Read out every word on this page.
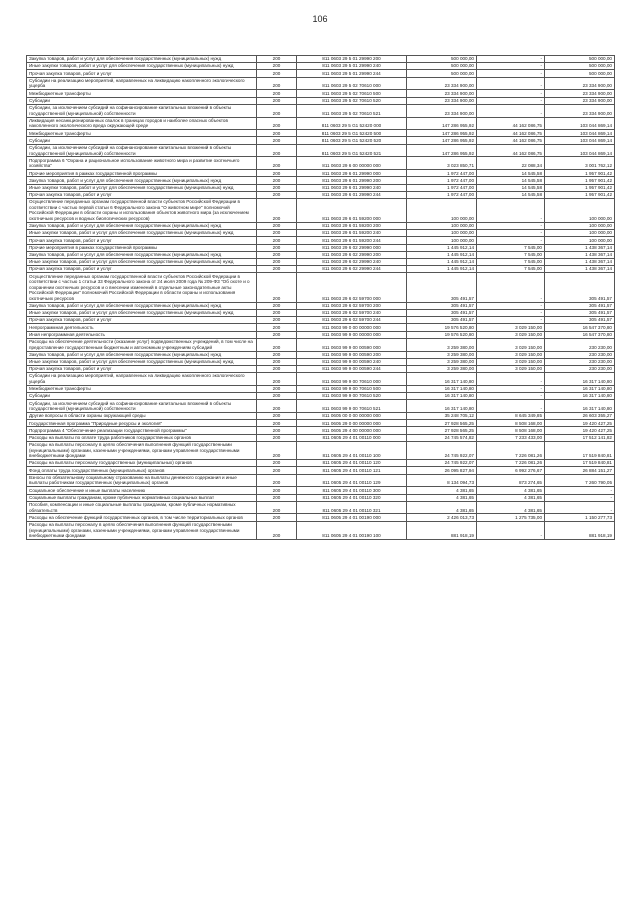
106
Закупка товаров, работ и услуг для обеспечения государственных (муниципальных) нужд	200	811 0603 29 5 01 29990 200	500 000,00	-	500 000,00
Иные закупки товаров, работ и услуг для обеспечения государственных (муниципальных) нужд	200	811 0603 29 5 01 29990 240	500 000,00	-	500 000,00
Прочая закупка товаров, работ и услуг	200	811 0603 29 5 01 29990 244	500 000,00	-	500 000,00
Субсидии на реализацию мероприятий, направленных на ликвидацию накопленного экологического ущерба	200	811 0603 29 5 02 70610 000	23 334 900,00	-	23 334 900,00
Межбюджетные трансферты	200	811 0603 29 5 02 70610 500	23 334 900,00	-	23 334 900,00
Субсидии	200	811 0603 29 5 02 70610 520	23 334 900,00	-	23 334 900,00
Субсидии, за исключением субсидий на софинансирование капитальных вложений в объекты государственной (муниципальной) собственности	200	811 0603 29 5 02 70610 521	23 334 900,00	-	23 334 900,00
Ликвидация несанкционированных свалок в границах городов и наиболее опасных объектов накопленного экологического вреда окружающей среде	200	811 0603 29 5 G1 52420 000	147 286 955,92	44 162 086,75	103 044 869,14
Межбюджетные трансферты	200	811 0603 29 5 G1 52420 500	147 286 955,92	44 162 086,75	103 044 869,14
Субсидии	200	811 0603 29 5 G1 52420 520	147 286 955,92	44 162 086,75	103 044 869,14
Субсидии, за исключением субсидий на софинансирование капитальных вложений в объекты государственной (муниципальной) собственности	200	811 0603 29 5 G1 52420 521	147 286 955,92	44 162 086,75	103 044 869,14
Подпрограмма 6 "Охрана и рациональное использование животного мира и развитие охотничьего хозяйства"	200	811 0603 29 6 00 00000 000	3 023 850,71	22 088,34	3 001 762,12
Прочие мероприятия в рамках государственной программы	200	811 0603 29 6 01 29990 000	1 972 447,00	14 545,58	1 957 901,42
Закупка товаров, работ и услуг для обеспечения государственных (муниципальных) нужд	200	811 0603 29 6 01 29990 200	1 972 447,00	14 545,58	1 957 901,42
Иные закупки товаров, работ и услуг для обеспечения государственных (муниципальных) нужд	200	811 0603 29 6 01 29990 240	1 972 447,00	14 545,58	1 957 901,42
Прочая закупка товаров, работ и услуг	200	811 0603 29 6 01 29990 244	1 972 447,00	14 545,58	1 957 901,42
Осуществление переданных органам государственной власти субъектов Российской Федерации в соответствии с частью первой статьи 6 Федерального закона "О животном мире" полномочий Российской Федерации в области охраны и использования объектов животного мира (за исключением охотничьих ресурсов и водных биологических ресурсов)	200	811 0603 29 6 01 59200 000	100 000,00	-	100 000,00
Закупка товаров, работ и услуг для обеспечения государственных (муниципальных) нужд	200	811 0603 29 6 01 59200 200	100 000,00	-	100 000,00
Иные закупки товаров, работ и услуг для обеспечения государственных (муниципальных) нужд	200	811 0603 29 6 01 59200 240	100 000,00	-	100 000,00
Прочая закупка товаров, работ и услуг	200	811 0603 29 6 01 59200 244	100 000,00	-	100 000,00
Прочие мероприятия в рамках государственной программы	200	811 0603 29 6 02 29990 000	1 445 912,14	7 545,00	1 438 367,14
Закупка товаров, работ и услуг для обеспечения государственных (муниципальных) нужд	200	811 0603 29 6 02 29990 200	1 445 912,14	7 545,00	1 438 367,14
Иные закупки товаров, работ и услуг для обеспечения государственных (муниципальных) нужд	200	811 0603 29 6 02 29990 240	1 445 912,14	7 545,00	1 438 367,14
Прочая закупка товаров, работ и услуг	200	811 0603 29 6 02 29990 244	1 445 912,14	7 545,00	1 438 367,14
Осуществление переданных органам государственной власти субъектов Российской Федерации в соответствии с частью 1 статьи 33 Федерального закона от 24 июля 2009 года № 209-ФЗ "Об охоте и о сохранении охотничьих ресурсов и о внесении изменений в отдельные законодательные акты Российской Федерации" полномочий Российской Федерации в области охраны и использования охотничьих ресурсов	200	811 0603 29 6 02 59700 000	305 491,57	-	305 491,57
Закупка товаров, работ и услуг для обеспечения государственных (муниципальных) нужд	200	811 0603 29 6 02 59700 200	305 491,57	-	305 491,57
Иные закупки товаров, работ и услуг для обеспечения государственных (муниципальных) нужд	200	811 0603 29 6 02 59700 240	305 491,57	-	305 491,57
Прочая закупка товаров, работ и услуг	200	811 0603 29 6 02 59700 244	305 491,57	-	305 491,57
Непрограммная деятельность	200	811 0603 99 0 00 00000 000	19 576 520,80	3 029 150,00	16 547 370,80
Иная непрограммная деятельность	200	811 0603 99 9 00 00000 000	19 576 520,80	3 029 150,00	16 547 370,80
Расходы на обеспечение деятельности (оказание услуг) подведомственных учреждений, в том числе на предоставление государственным бюджетным и автономным учреждениям субсидий	200	811 0603 99 9 00 00590 000	3 259 380,00	3 029 150,00	230 230,00
Закупка товаров, работ и услуг для обеспечения государственных (муниципальных) нужд	200	811 0603 99 9 00 00590 200	3 259 380,00	3 029 150,00	230 230,00
Иные закупки товаров, работ и услуг для обеспечения государственных (муниципальных) нужд	200	811 0603 99 9 00 00590 240	3 259 380,00	3 029 150,00	230 230,00
Прочая закупка товаров, работ и услуг	200	811 0603 99 9 00 00590 244	3 259 380,00	3 029 150,00	230 230,00
Субсидии на реализацию мероприятий, направленных на ликвидацию накопленного экологического ущерба	200	811 0603 99 9 00 70610 000	16 317 140,80	-	16 317 140,80
Межбюджетные трансферты	200	811 0603 99 9 00 70610 500	16 317 140,80	-	16 317 140,80
Субсидии	200	811 0603 99 9 00 70610 520	16 317 140,80	-	16 317 140,80
Субсидии, за исключением субсидий на софинансирование капитальных вложений в объекты государственной (муниципальной) собственности	200	811 0603 99 9 00 70610 521	16 317 140,80	-	16 317 140,80
Другие вопросы в области охраны окружающей среды	200	811 0605 00 0 00 00000 000	35 248 705,12	8 645 349,85	26 603 355,27
Государственная программа "Природные ресурсы и экология"	200	811 0605 29 0 00 00000 000	27 928 565,25	8 508 168,00	19 420 427,25
Подпрограмма 4 "Обеспечение реализации государственной программы"	200	811 0605 29 4 00 00000 000	27 928 565,25	8 508 168,00	19 420 427,25
Расходы на выплаты по оплате труда работников государственных органов	200	811 0605 29 4 01 00110 000	24 745 574,82	7 233 433,00	17 512 141,82
Расходы на выплаты персоналу в целях обеспечения выполнения функций государственными (муниципальными) органами, казенными учреждениями, органами управления государственными внебюджетными фондами	200	811 0605 29 4 01 00110 100	24 745 922,07	7 226 081,26	17 519 840,81
Расходы на выплаты персоналу государственных (муниципальных) органов	200	811 0605 29 4 01 00110 120	24 745 922,07	7 226 081,26	17 519 840,81
Фонд оплаты труда государственных (муниципальных) органов	200	811 0605 29 4 01 00110 121	26 095 827,94	6 992 276,67	26 884 151,27
Взносы по обязательному социальному страхованию на выплаты денежного содержания и иные выплаты работникам государственных (муниципальных) органов	200	811 0605 29 4 01 00110 129	8 134 094,73	873 274,65	7 260 790,05
Социальное обеспечение и иные выплаты населению	200	811 0605 29 4 01 00110 300	4 381,65	4 381,65	-
Социальные выплаты гражданам, кроме публичных нормативных социальных выплат	200	811 0605 29 4 01 00110 320	4 381,65	4 381,65	-
Пособия, компенсации и иные социальные выплаты гражданам, кроме публичных нормативных обязательств	200	811 0605 29 4 01 00110 321	4 381,65	4 381,65	-
Расходы на обеспечение функций государственных органов, в том числе территориальных органов	200	811 0605 29 4 01 00190 000	2 426 013,73	1 275 735,00	1 150 277,73
Расходы на выплаты персоналу в целях обеспечения выполнения функций государственными (муниципальными) органами, казенными учреждениями, органами управления государственными внебюджетными фондами	200	811 0605 29 4 01 00190 100	881 918,19	-	881 918,19
